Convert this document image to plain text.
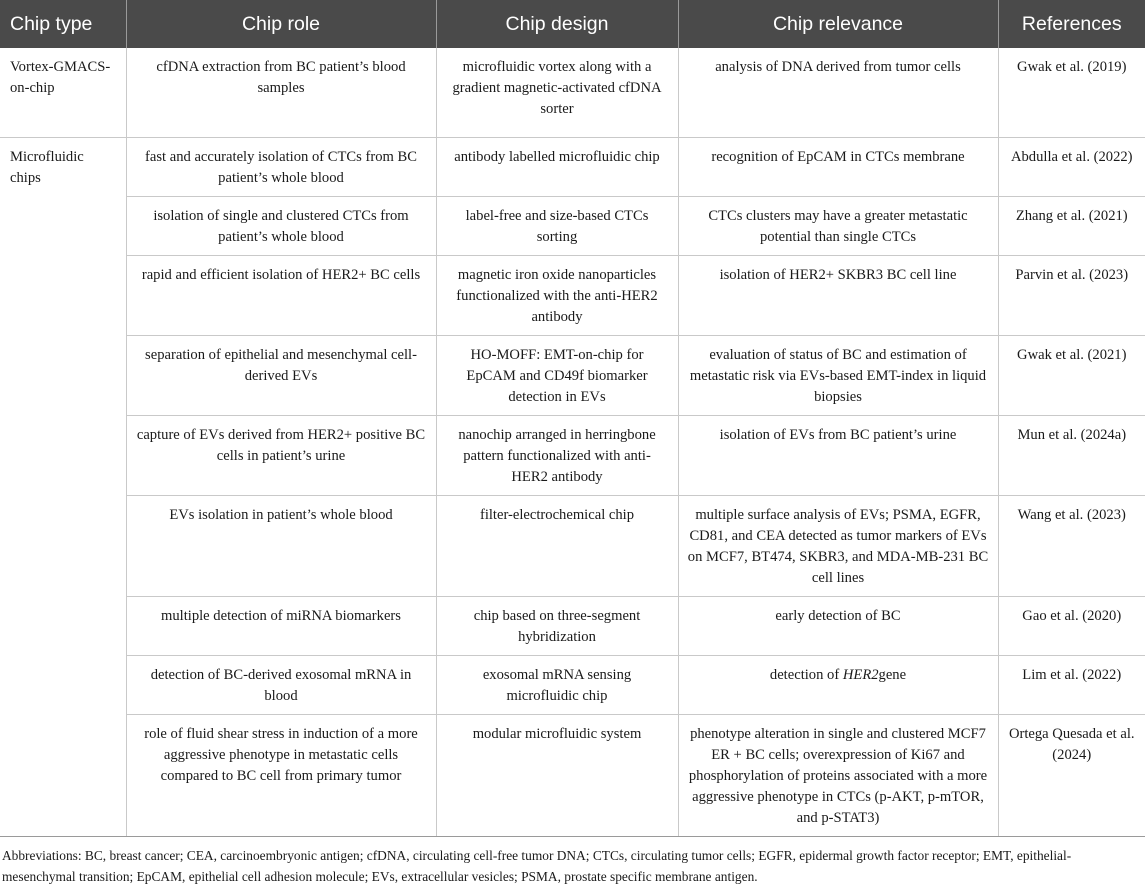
Chip type	Chip role	Chip design	Chip relevance	References
Vortex-GMACS-on-chip	cfDNA extraction from BC patient’s blood samples	microfluidic vortex along with a gradient magnetic-activated cfDNA sorter	analysis of DNA derived from tumor cells	Gwak et al. (2019)
Microfluidic chips	fast and accurately isolation of CTCs from BC patient’s whole blood	antibody labelled microfluidic chip	recognition of EpCAM in CTCs membrane	Abdulla et al. (2022)
	isolation of single and clustered CTCs from patient’s whole blood	label-free and size-based CTCs sorting	CTCs clusters may have a greater metastatic potential than single CTCs	Zhang et al. (2021)
	rapid and efficient isolation of HER2+ BC cells	magnetic iron oxide nanoparticles functionalized with the anti-HER2 antibody	isolation of HER2+ SKBR3 BC cell line	Parvin et al. (2023)
	separation of epithelial and mesenchymal cell-derived EVs	HO-MOFF: EMT-on-chip for EpCAM and CD49f biomarker detection in EVs	evaluation of status of BC and estimation of metastatic risk via EVs-based EMT-index in liquid biopsies	Gwak et al. (2021)
	capture of EVs derived from HER2+ positive BC cells in patient’s urine	nanochip arranged in herringbone pattern functionalized with anti-HER2 antibody	isolation of EVs from BC patient’s urine	Mun et al. (2024a)
	EVs isolation in patient’s whole blood	filter-electrochemical chip	multiple surface analysis of EVs; PSMA, EGFR, CD81, and CEA detected as tumor markers of EVs on MCF7, BT474, SKBR3, and MDA-MB-231 BC cell lines	Wang et al. (2023)
	multiple detection of miRNA biomarkers	chip based on three-segment hybridization	early detection of BC	Gao et al. (2020)
	detection of BC-derived exosomal mRNA in blood	exosomal mRNA sensing microfluidic chip	detection of HER2gene	Lim et al. (2022)
	role of fluid shear stress in induction of a more aggressive phenotype in metastatic cells compared to BC cell from primary tumor	modular microfluidic system	phenotype alteration in single and clustered MCF7 ER + BC cells; overexpression of Ki67 and phosphorylation of proteins associated with a more aggressive phenotype in CTCs (p-AKT, p-mTOR, and p-STAT3)	Ortega Quesada et al. (2024)
Abbreviations: BC, breast cancer; CEA, carcinoembryonic antigen; cfDNA, circulating cell-free tumor DNA; CTCs, circulating tumor cells; EGFR, epidermal growth factor receptor; EMT, epithelial-mesenchymal transition; EpCAM, epithelial cell adhesion molecule; EVs, extracellular vesicles; PSMA, prostate specific membrane antigen.
